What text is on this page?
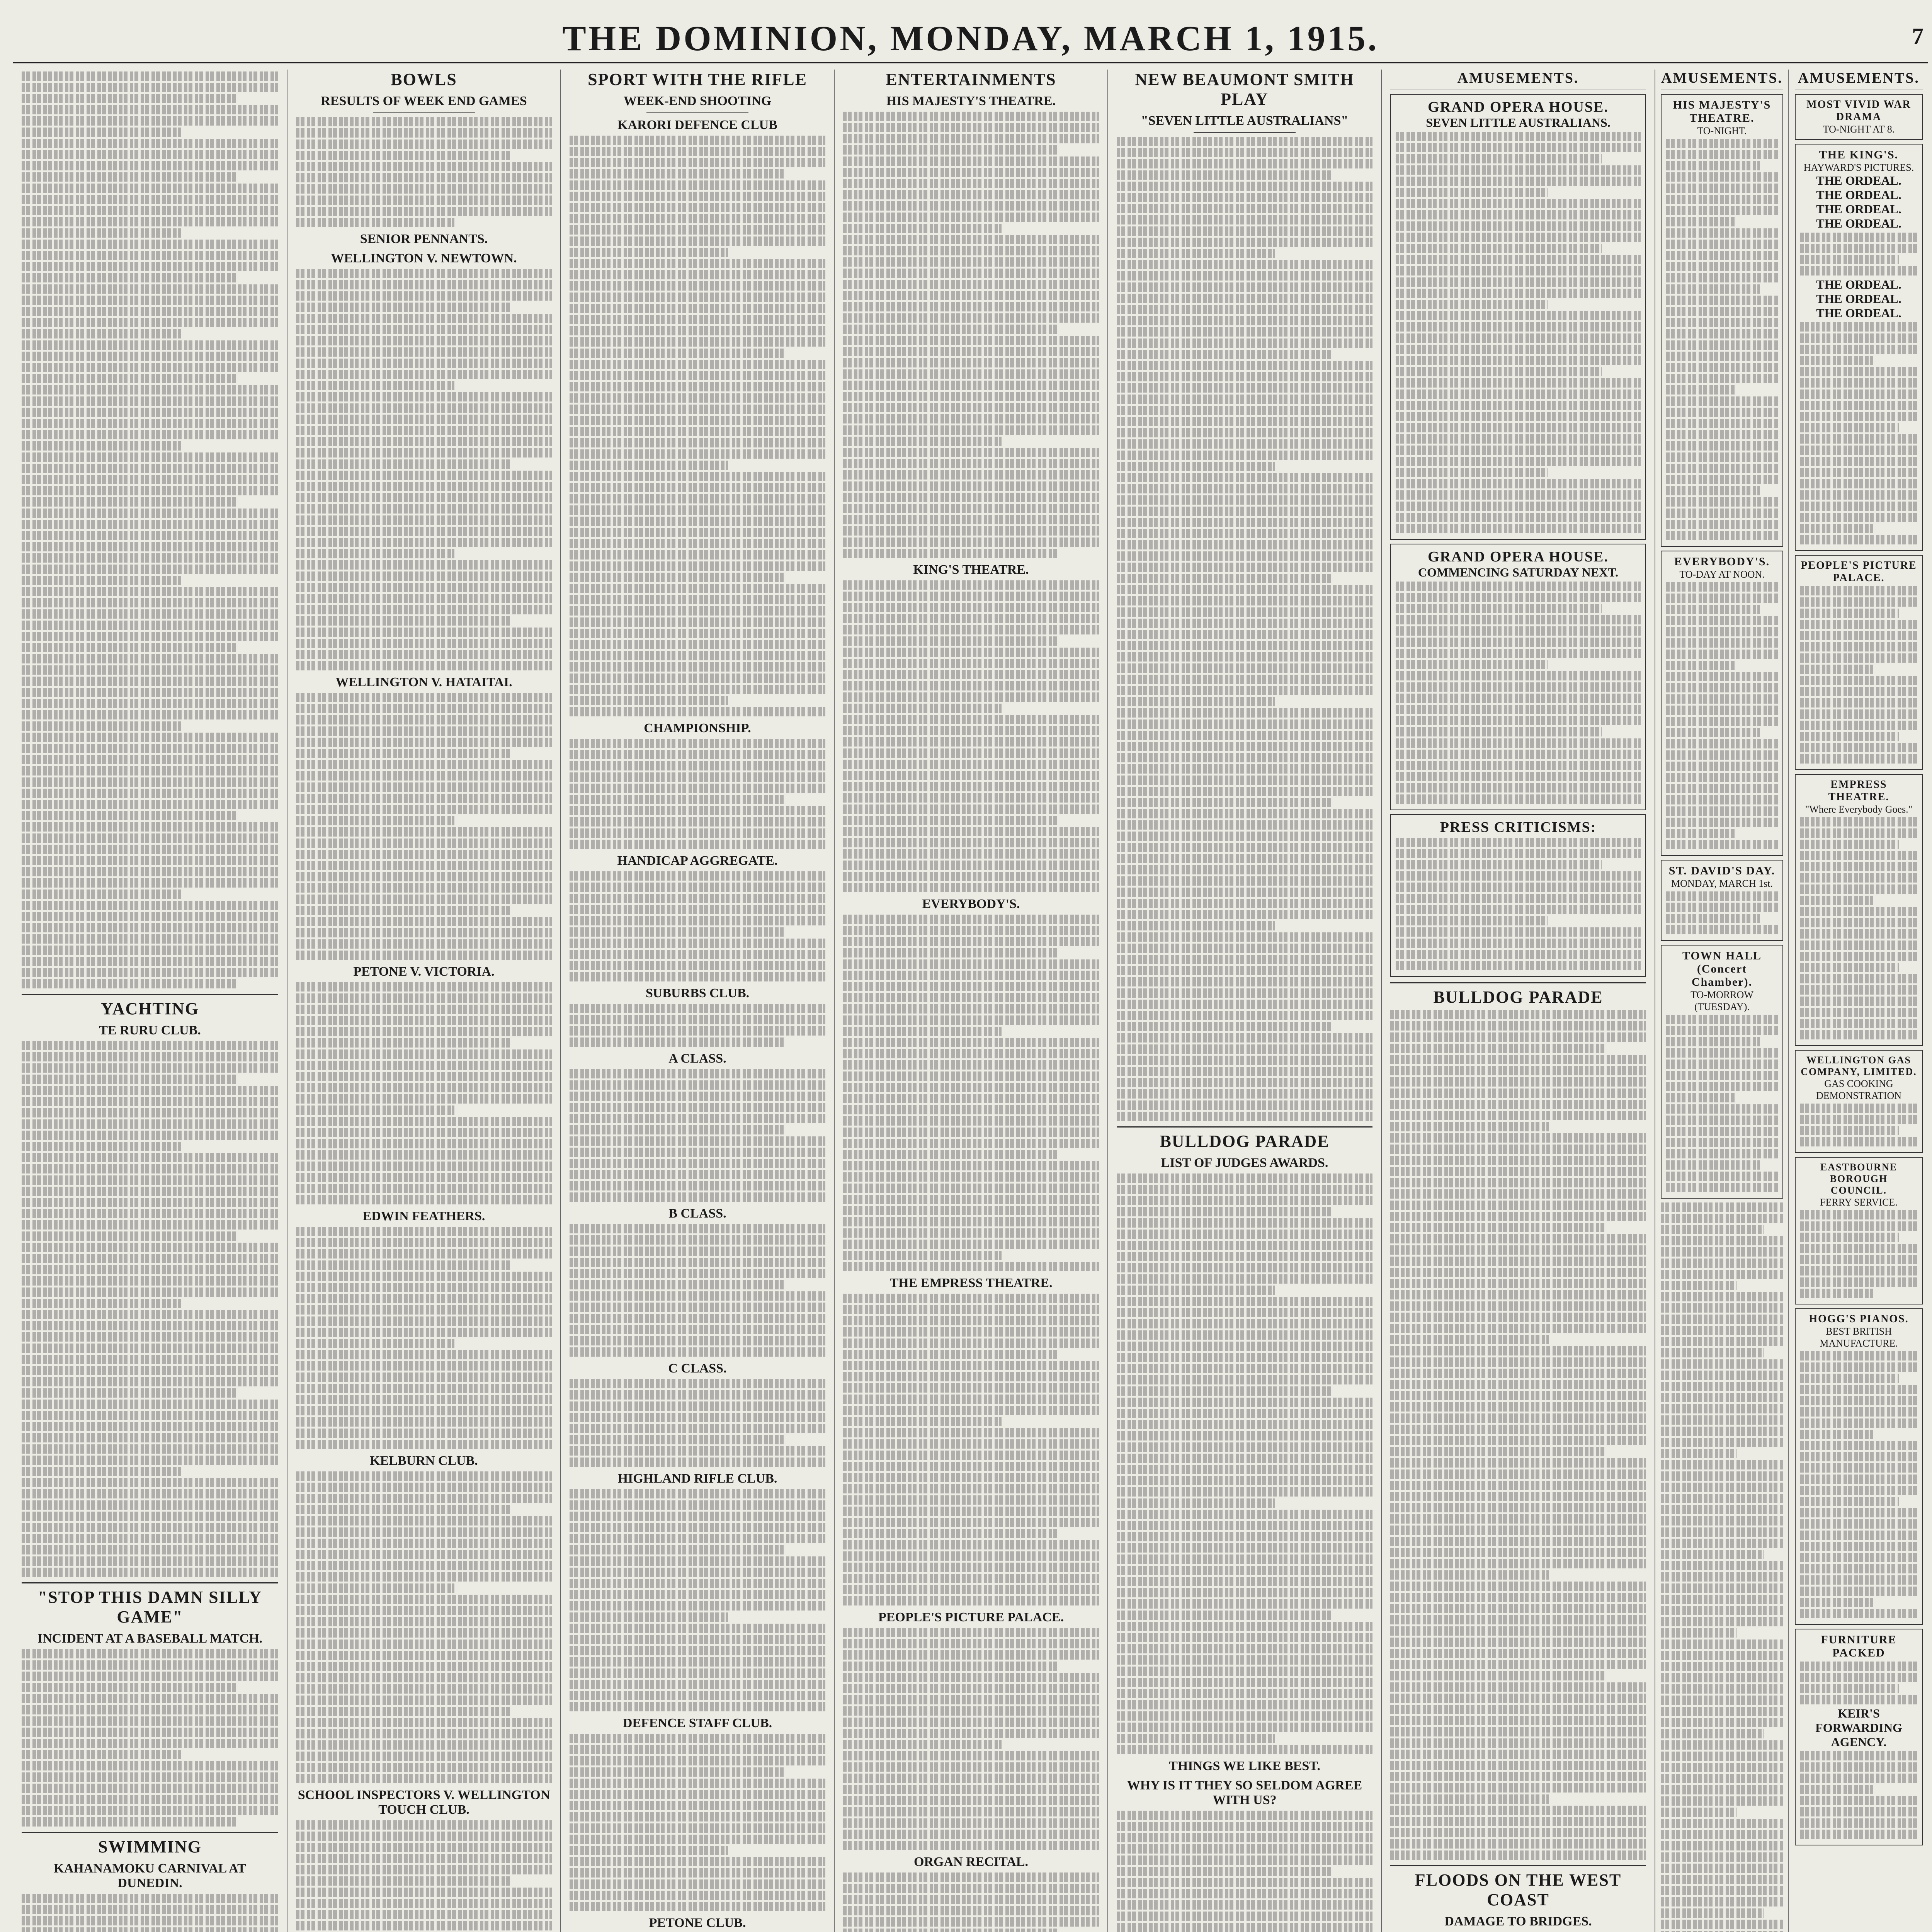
THE DOMINION, MONDAY, MARCH 1, 1915.	7
YACHTING
TE RURU CLUB.
"STOP THIS DAMN SILLY GAME"
INCIDENT AT A BASEBALL MATCH.
SWIMMING
KAHANAMOKU CARNIVAL AT DUNEDIN.
BOWLS
RESULTS OF WEEK END GAMES
SENIOR PENNANTS.
WELLINGTON V. NEWTOWN.
WELLINGTON V. HATAITAI.
PETONE V. VICTORIA.
EDWIN FEATHERS.
KELBURN CLUB.
SCHOOL INSPECTORS V. WELLINGTON TOUCH CLUB.
SPORT WITH THE RIFLE
WEEK-END SHOOTING
KARORI DEFENCE CLUB
CHAMPIONSHIP.
HANDICAP AGGREGATE.
SUBURBS CLUB.
A CLASS.
B CLASS.
C CLASS.
HIGHLAND RIFLE CLUB.
DEFENCE STAFF CLUB.
PETONE CLUB.
ENTERTAINMENTS
HIS MAJESTY'S THEATRE.
KING'S THEATRE.
EVERYBODY'S.
THE EMPRESS THEATRE.
PEOPLE'S PICTURE PALACE.
ORGAN RECITAL.
NEW BEAUMONT SMITH PLAY
"SEVEN LITTLE AUSTRALIANS"
BULLDOG PARADE
LIST OF JUDGES AWARDS.
THINGS WE LIKE BEST.
WHY IS IT THEY SO SELDOM AGREE WITH US?
AMUSEMENTS.
GRAND OPERA HOUSE.
SEVEN LITTLE AUSTRALIANS.
GRAND OPERA HOUSE.
COMMENCING SATURDAY NEXT.
PRESS CRITICISMS:
BULLDOG PARADE
FLOODS ON THE WEST COAST
DAMAGE TO BRIDGES.
AMUSEMENTS.
HIS MAJESTY'S THEATRE.
TO-NIGHT.
EVERYBODY'S.
TO-DAY AT NOON.
ST. DAVID'S DAY.
MONDAY, MARCH 1st.
TOWN HALL (Concert Chamber).
TO-MORROW (TUESDAY).
AMUSEMENTS.
MOST VIVID WAR DRAMA
TO-NIGHT AT 8.
THE KING'S.
HAYWARD'S PICTURES.
THE ORDEAL.
THE ORDEAL.
THE ORDEAL.
THE ORDEAL.
THE ORDEAL.
THE ORDEAL.
THE ORDEAL.
PEOPLE'S PICTURE PALACE.
EMPRESS THEATRE.
"Where Everybody Goes."
WELLINGTON GAS COMPANY, LIMITED.
GAS COOKING DEMONSTRATION
EASTBOURNE BOROUGH COUNCIL.
FERRY SERVICE.
HOGG'S PIANOS.
BEST BRITISH MANUFACTURE.
FURNITURE PACKED
KEIR'S FORWARDING AGENCY.
